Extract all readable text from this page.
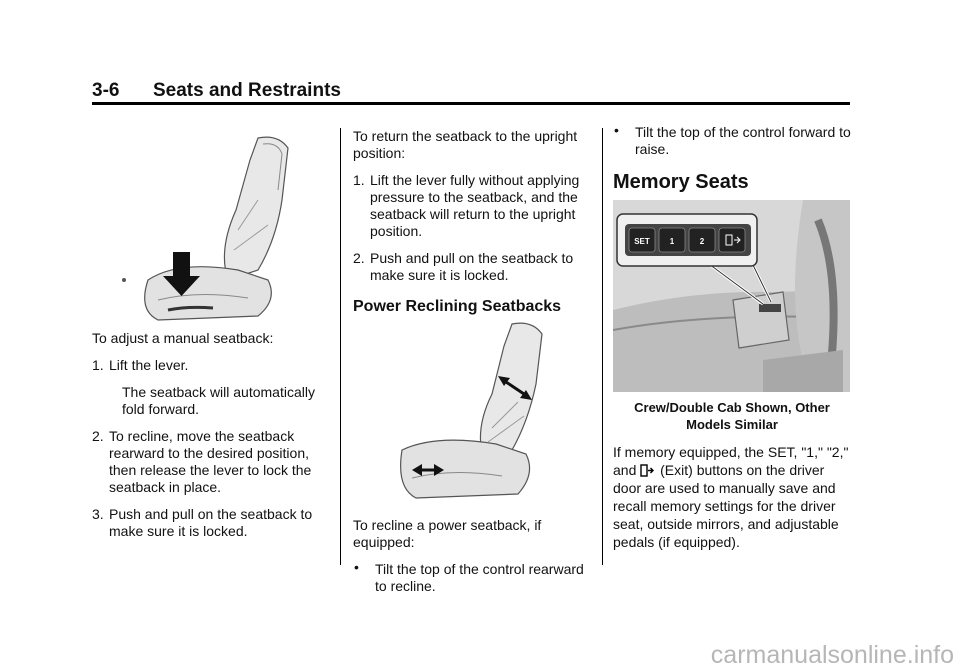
3-6 Seats and Restraints

To adjust a manual seatback:

1. Lift the lever.
The seatback will automatically fold forward.
2. To recline, move the seatback rearward to the desired position, then release the lever to lock the seatback in place.
3. Push and pull on the seatback to make sure it is locked.

To return the seatback to the upright position:

1. Lift the lever fully without applying pressure to the seatback, and the seatback will return to the upright position.
2. Push and pull on the seatback to make sure it is locked.

Power Reclining Seatbacks

To recline a power seatback, if equipped:

• Tilt the top of the control rearward to recline.
• Tilt the top of the control forward to raise.

Memory Seats

SET 1	2

Crew/Double Cab Shown, Other Models Similar

If memory equipped, the SET, "1," "2," and (Exit) buttons on the driver door are used to manually save and recall memory settings for the driver seat, outside mirrors, and adjustable pedals (if equipped).

carmanualsonline.info
